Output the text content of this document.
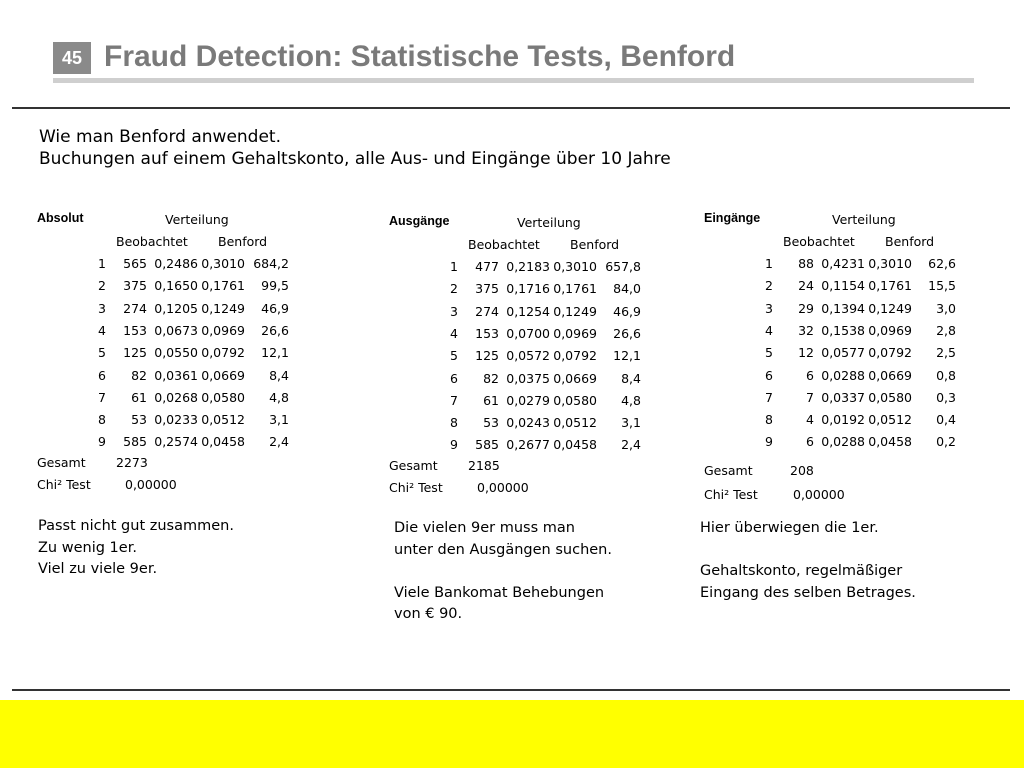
45 Fraud Detection: Statistische Tests, Benford
Wie man Benford anwendet.
Buchungen auf einem Gehaltskonto, alle Aus- und Eingänge über 10 Jahre
Absolut	Verteilung
Beobachtet Benford
1	565 0,2486 0,3010 684,2
2	375 0,1650 0,1761	99,5
3	274 0,1205 0,1249	46,9
4	153 0,0673 0,0969	26,6
5	125 0,0550 0,0792	12,1
6	82 0,0361 0,0669	8,4
7	61 0,0268 0,0580	4,8
8	53 0,0233 0,0512	3,1
9	585 0,2574 0,0458	2,4
Gesamt 2273
Chi² Test	0,00000
Ausgänge	Verteilung
Beobachtet Benford
1	477 0,2183 0,3010 657,8
2	375 0,1716 0,1761	84,0
3	274 0,1254 0,1249	46,9
4	153 0,0700 0,0969	26,6
5	125 0,0572 0,0792	12,1
6	82 0,0375 0,0669	8,4
7	61 0,0279 0,0580	4,8
8	53 0,0243 0,0512	3,1
9	585 0,2677 0,0458	2,4
Gesamt 2185
Chi² Test	0,00000
Eingänge	Verteilung
Beobachtet Benford
1	88 0,4231 0,3010	62,6
2	24 0,1154 0,1761	15,5
3	29 0,1394 0,1249	3,0
4	32 0,1538 0,0969	2,8
5	12 0,0577 0,0792	2,5
6	6 0,0288 0,0669	0,8
7	7 0,0337 0,0580	0,3
8	4 0,0192 0,0512	0,4
9	6 0,0288 0,0458	0,2
Gesamt	208
Chi² Test	0,00000
Passt nicht gut zusammen.
Zu wenig 1er.
Viel zu viele 9er.
Die vielen 9er muss man
unter den Ausgängen suchen.

Viele Bankomat Behebungen
von € 90.
Hier überwiegen die 1er.

Gehaltskonto, regelmäßiger
Eingang des selben Betrages.
